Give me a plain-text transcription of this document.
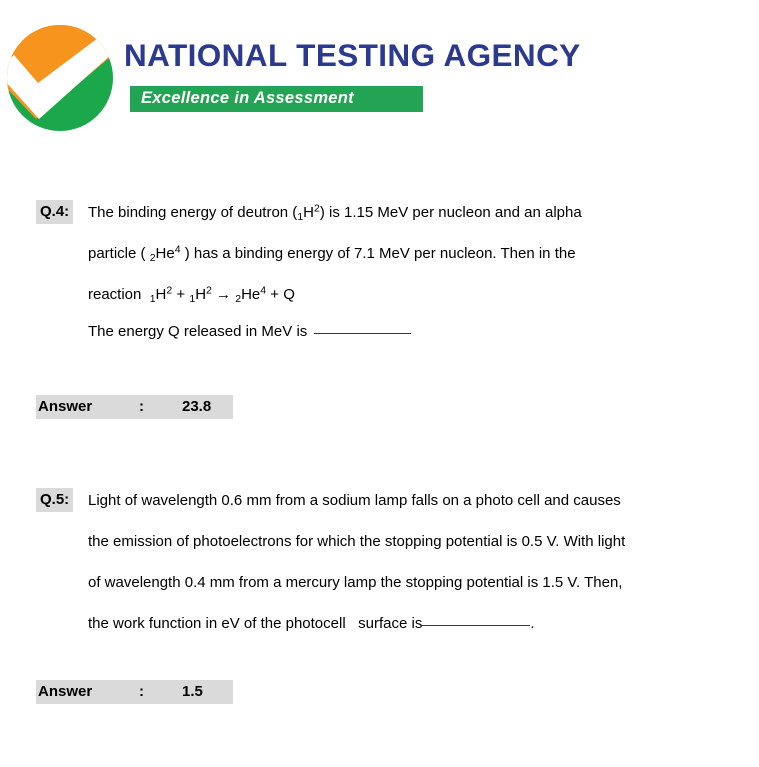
NATIONAL TESTING AGENCY
Excellence in Assessment
Q.4: The binding energy of deutron $(_1H^2)$ is 1.15 MeV per nucleon and an alpha
particle ( $_2He^4$ ) has a binding energy of 7.1 MeV per nucleon. Then in the
reaction  $_1H^2 + _1H^2 \to _2He^4 + Q$
The energy Q released in MeV is
Answer	:	23.8
Q.5: Light of wavelength 0.6 mm from a sodium lamp falls on a photo cell and causes
the emission of photoelectrons for which the stopping potential is 0.5 V. With light
of wavelength 0.4 mm from a mercury lamp the stopping potential is 1.5 V. Then,
the work function in eV of the photocell   surface is	.
Answer	:	1.5
